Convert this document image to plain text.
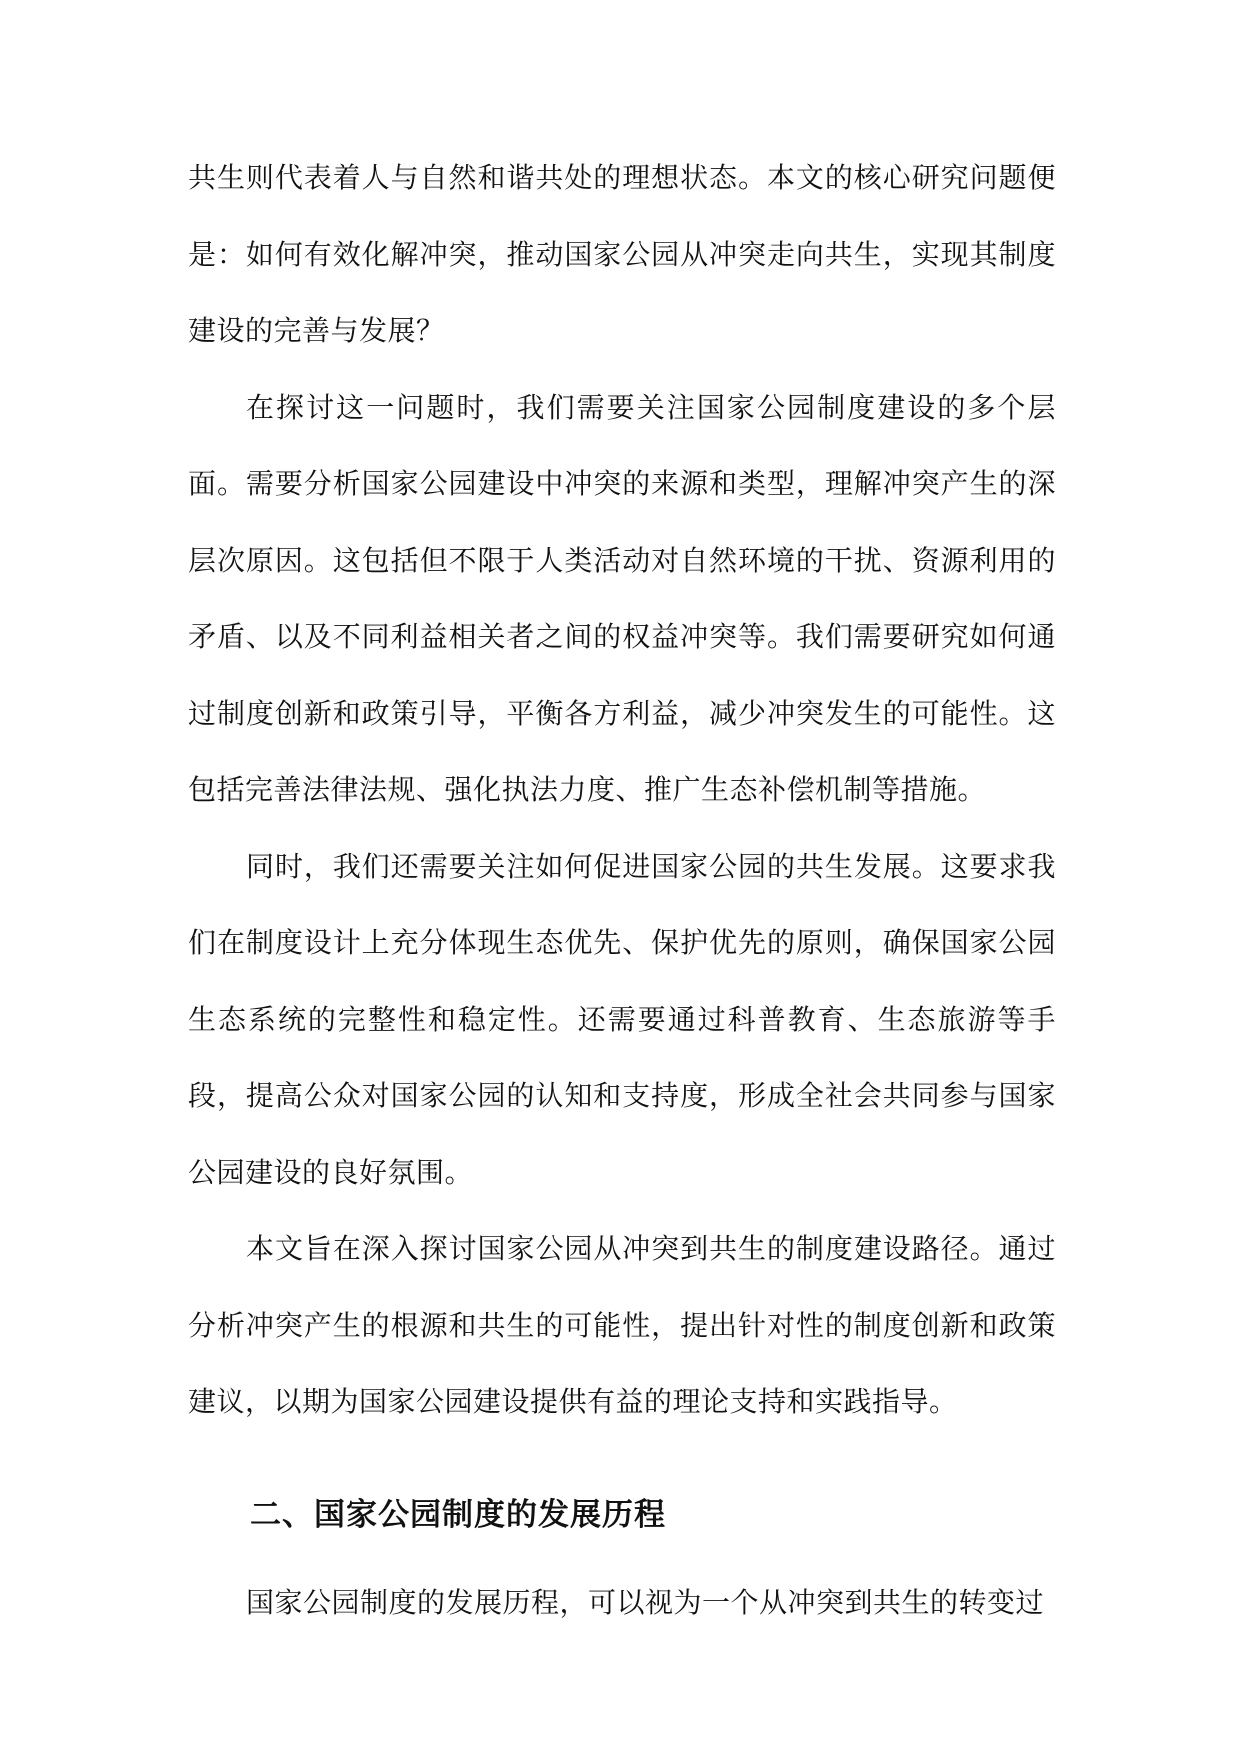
共生则代表着人与自然和谐共处的理想状态。本文的核心研究问题便是：如何有效化解冲突，推动国家公园从冲突走向共生，实现其制度建设的完善与发展？

在探讨这一问题时，我们需要关注国家公园制度建设的多个层面。需要分析国家公园建设中冲突的来源和类型，理解冲突产生的深层次原因。这包括但不限于人类活动对自然环境的干扰、资源利用的矛盾、以及不同利益相关者之间的权益冲突等。我们需要研究如何通过制度创新和政策引导，平衡各方利益，减少冲突发生的可能性。这包括完善法律法规、强化执法力度、推广生态补偿机制等措施。

同时，我们还需要关注如何促进国家公园的共生发展。这要求我们在制度设计上充分体现生态优先、保护优先的原则，确保国家公园生态系统的完整性和稳定性。还需要通过科普教育、生态旅游等手段，提高公众对国家公园的认知和支持度，形成全社会共同参与国家公园建设的良好氛围。

本文旨在深入探讨国家公园从冲突到共生的制度建设路径。通过分析冲突产生的根源和共生的可能性，提出针对性的制度创新和政策建议，以期为国家公园建设提供有益的理论支持和实践指导。

二、国家公园制度的发展历程

国家公园制度的发展历程，可以视为一个从冲突到共生的转变过
